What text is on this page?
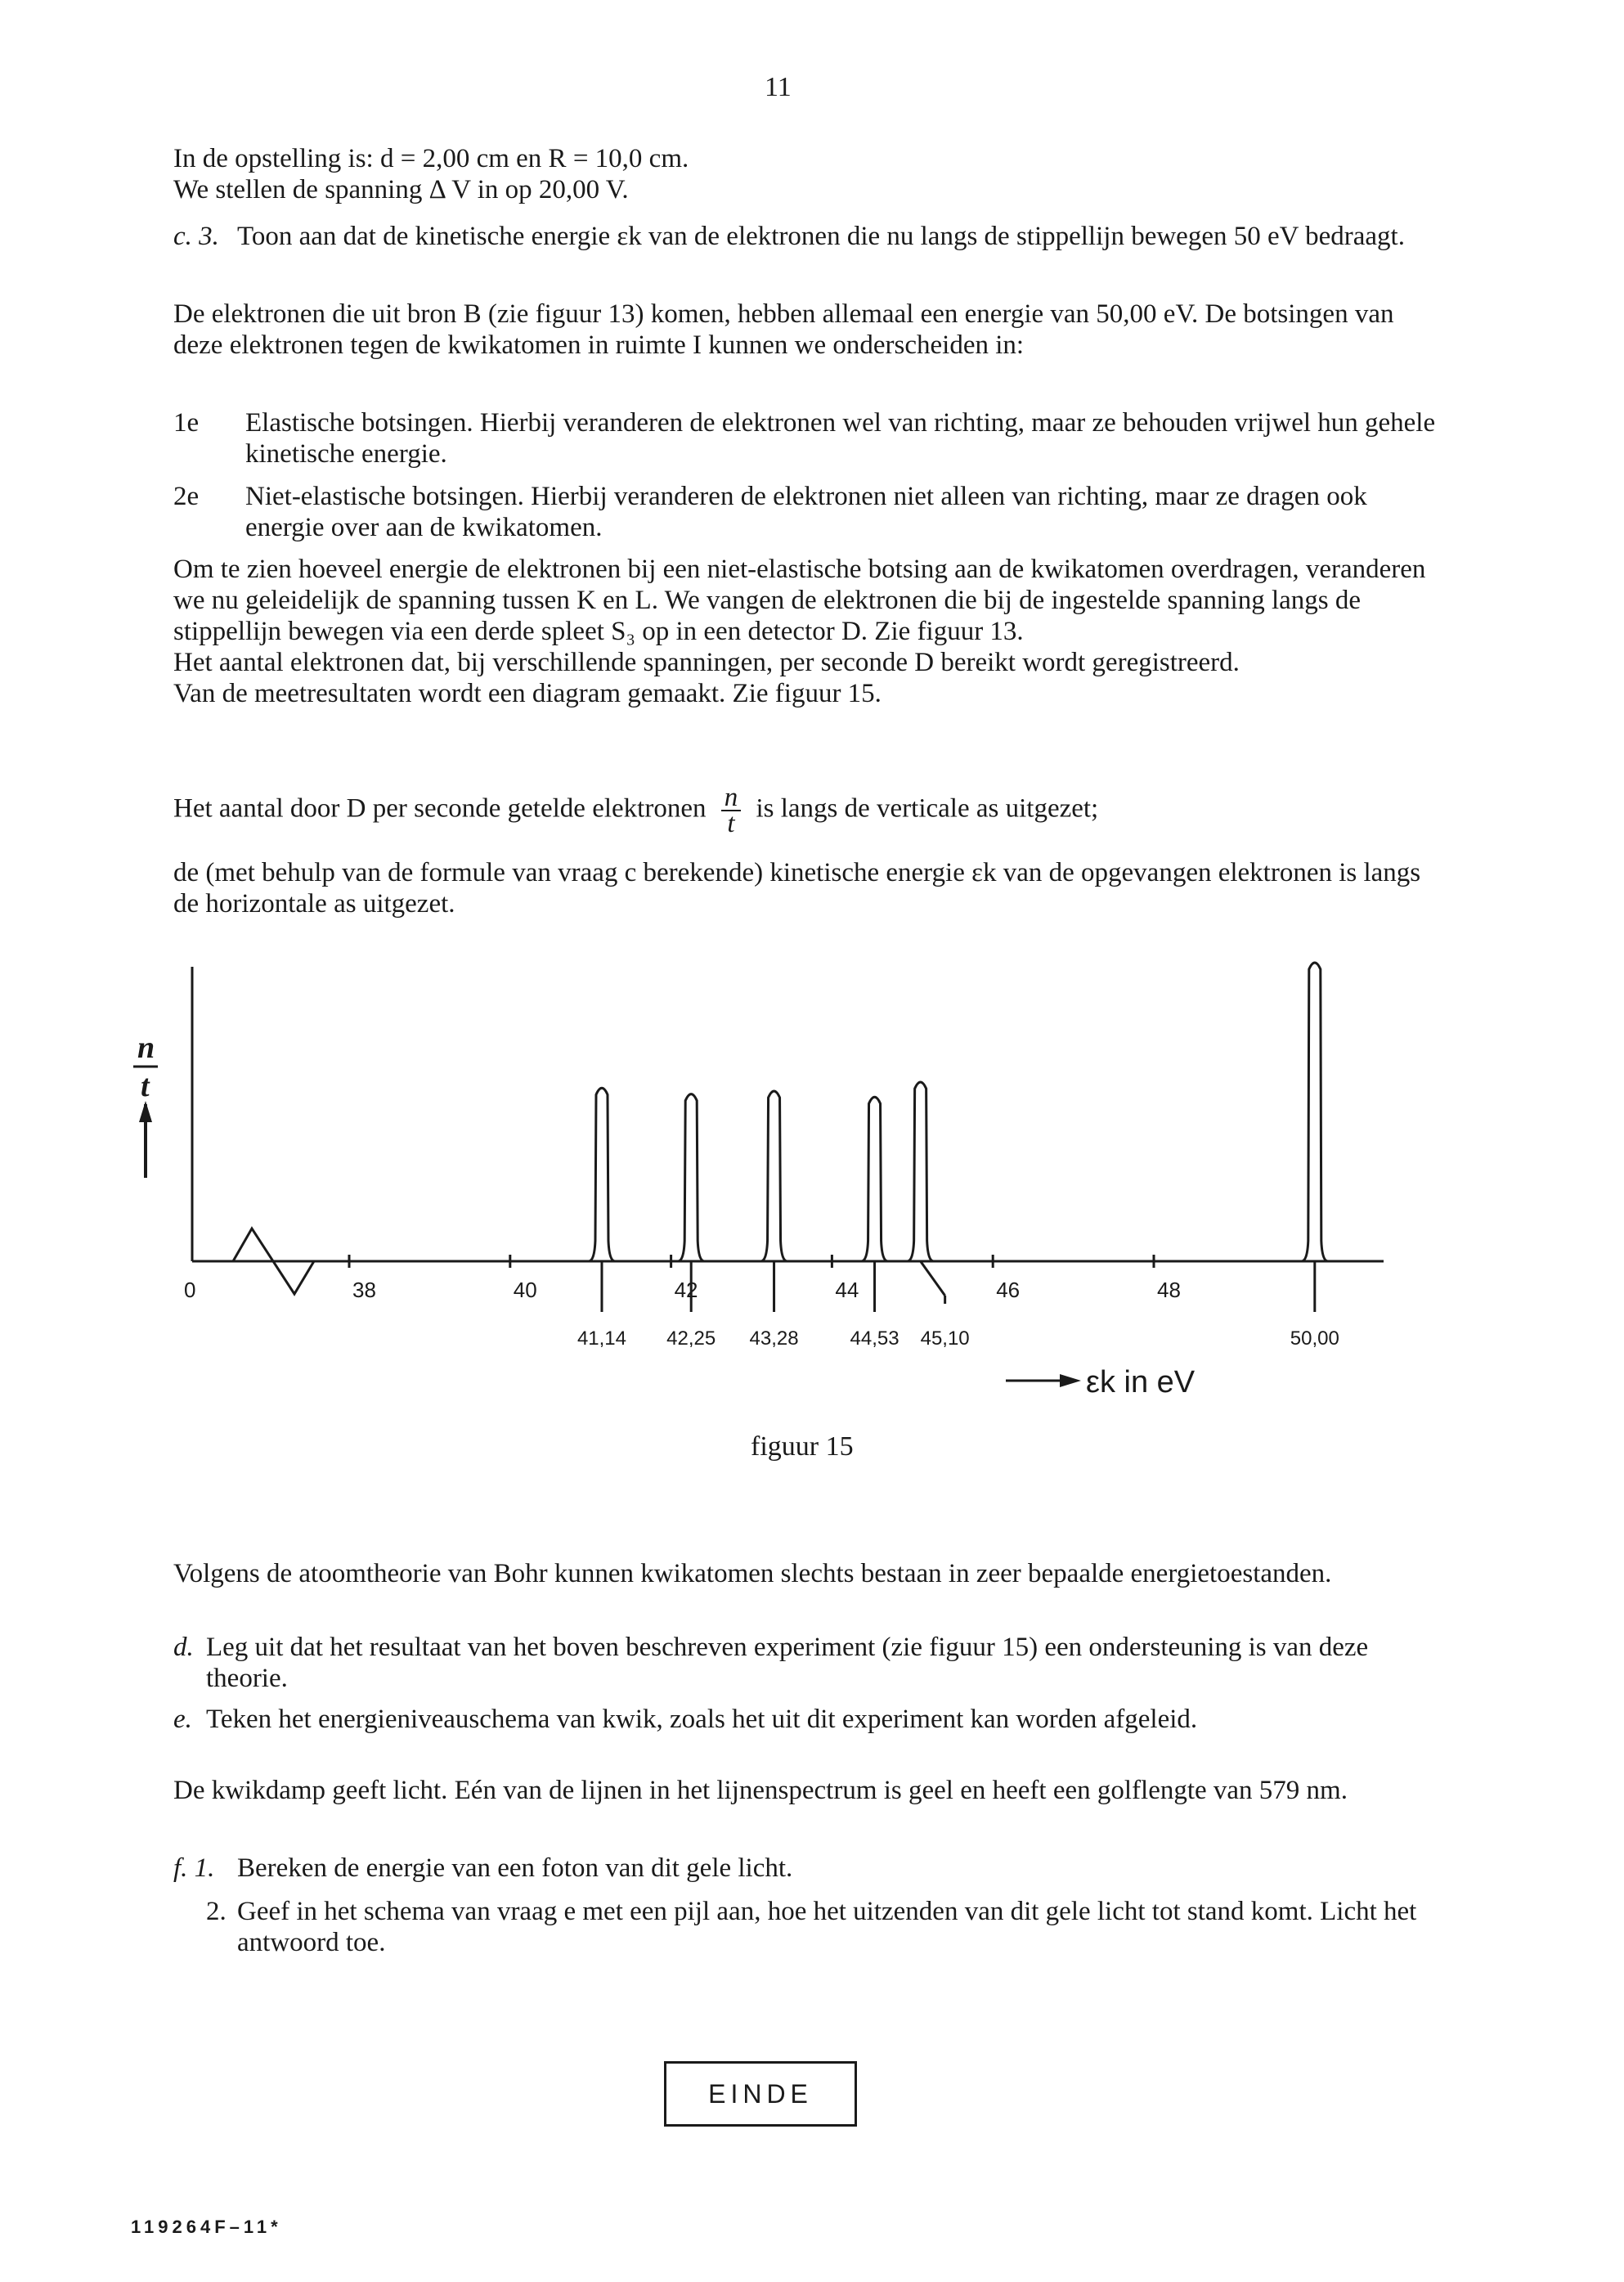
11

In de opstelling is: d = 2,00 cm en R = 10,0 cm.

We stellen de spanning Δ V in op 20,00 V.

c. 3. Toon aan dat de kinetische energie εk van de elektronen die nu langs de stippellijn bewegen 50 eV bedraagt.

De elektronen die uit bron B (zie figuur 13) komen, hebben allemaal een energie van 50,00 eV. De botsingen van deze elektronen tegen de kwikatomen in ruimte I kunnen we onderscheiden in:

1e Elastische botsingen. Hierbij veranderen de elektronen wel van richting, maar ze behouden vrijwel hun gehele kinetische energie.
2e Niet-elastische botsingen. Hierbij veranderen de elektronen niet alleen van richting, maar ze dragen ook energie over aan de kwikatomen.

Om te zien hoeveel energie de elektronen bij een niet-elastische botsing aan de kwikatomen overdragen, veranderen we nu geleidelijk de spanning tussen K en L. We vangen de elektronen die bij de ingestelde spanning langs de stippellijn bewegen via een derde spleet S₃ op in een detector D. Zie figuur 13.

Het aantal elektronen dat, bij verschillende spanningen, per seconde D bereikt wordt geregistreerd.

Van de meetresultaten wordt een diagram gemaakt. Zie figuur 15.

Het aantal door D per seconde getelde elektronen $\frac{n}{t}$ is langs de verticale as uitgezet;

de (met behulp van de formule van vraag c berekende) kinetische energie εk van de opgevangen elektronen is langs de horizontale as uitgezet.

n
t
0	38	40	42	44	46	48
41,14 42,25 43,28	44,53 45,10	50,00
εk in eV
figuur 15

Volgens de atoomtheorie van Bohr kunnen kwikatomen slechts bestaan in zeer bepaalde energietoestanden.

d. Leg uit dat het resultaat van het boven beschreven experiment (zie figuur 15) een ondersteuning is van deze theorie.
e. Teken het energieniveauschema van kwik, zoals het uit dit experiment kan worden afgeleid.

De kwikdamp geeft licht. Eén van de lijnen in het lijnenspectrum is geel en heeft een golflengte van 579 nm.

f. 1. Bereken de energie van een foton van dit gele licht.
2. Geef in het schema van vraag e met een pijl aan, hoe het uitzenden van dit gele licht tot stand komt. Licht het antwoord toe.
EINDE
119264F–11*
